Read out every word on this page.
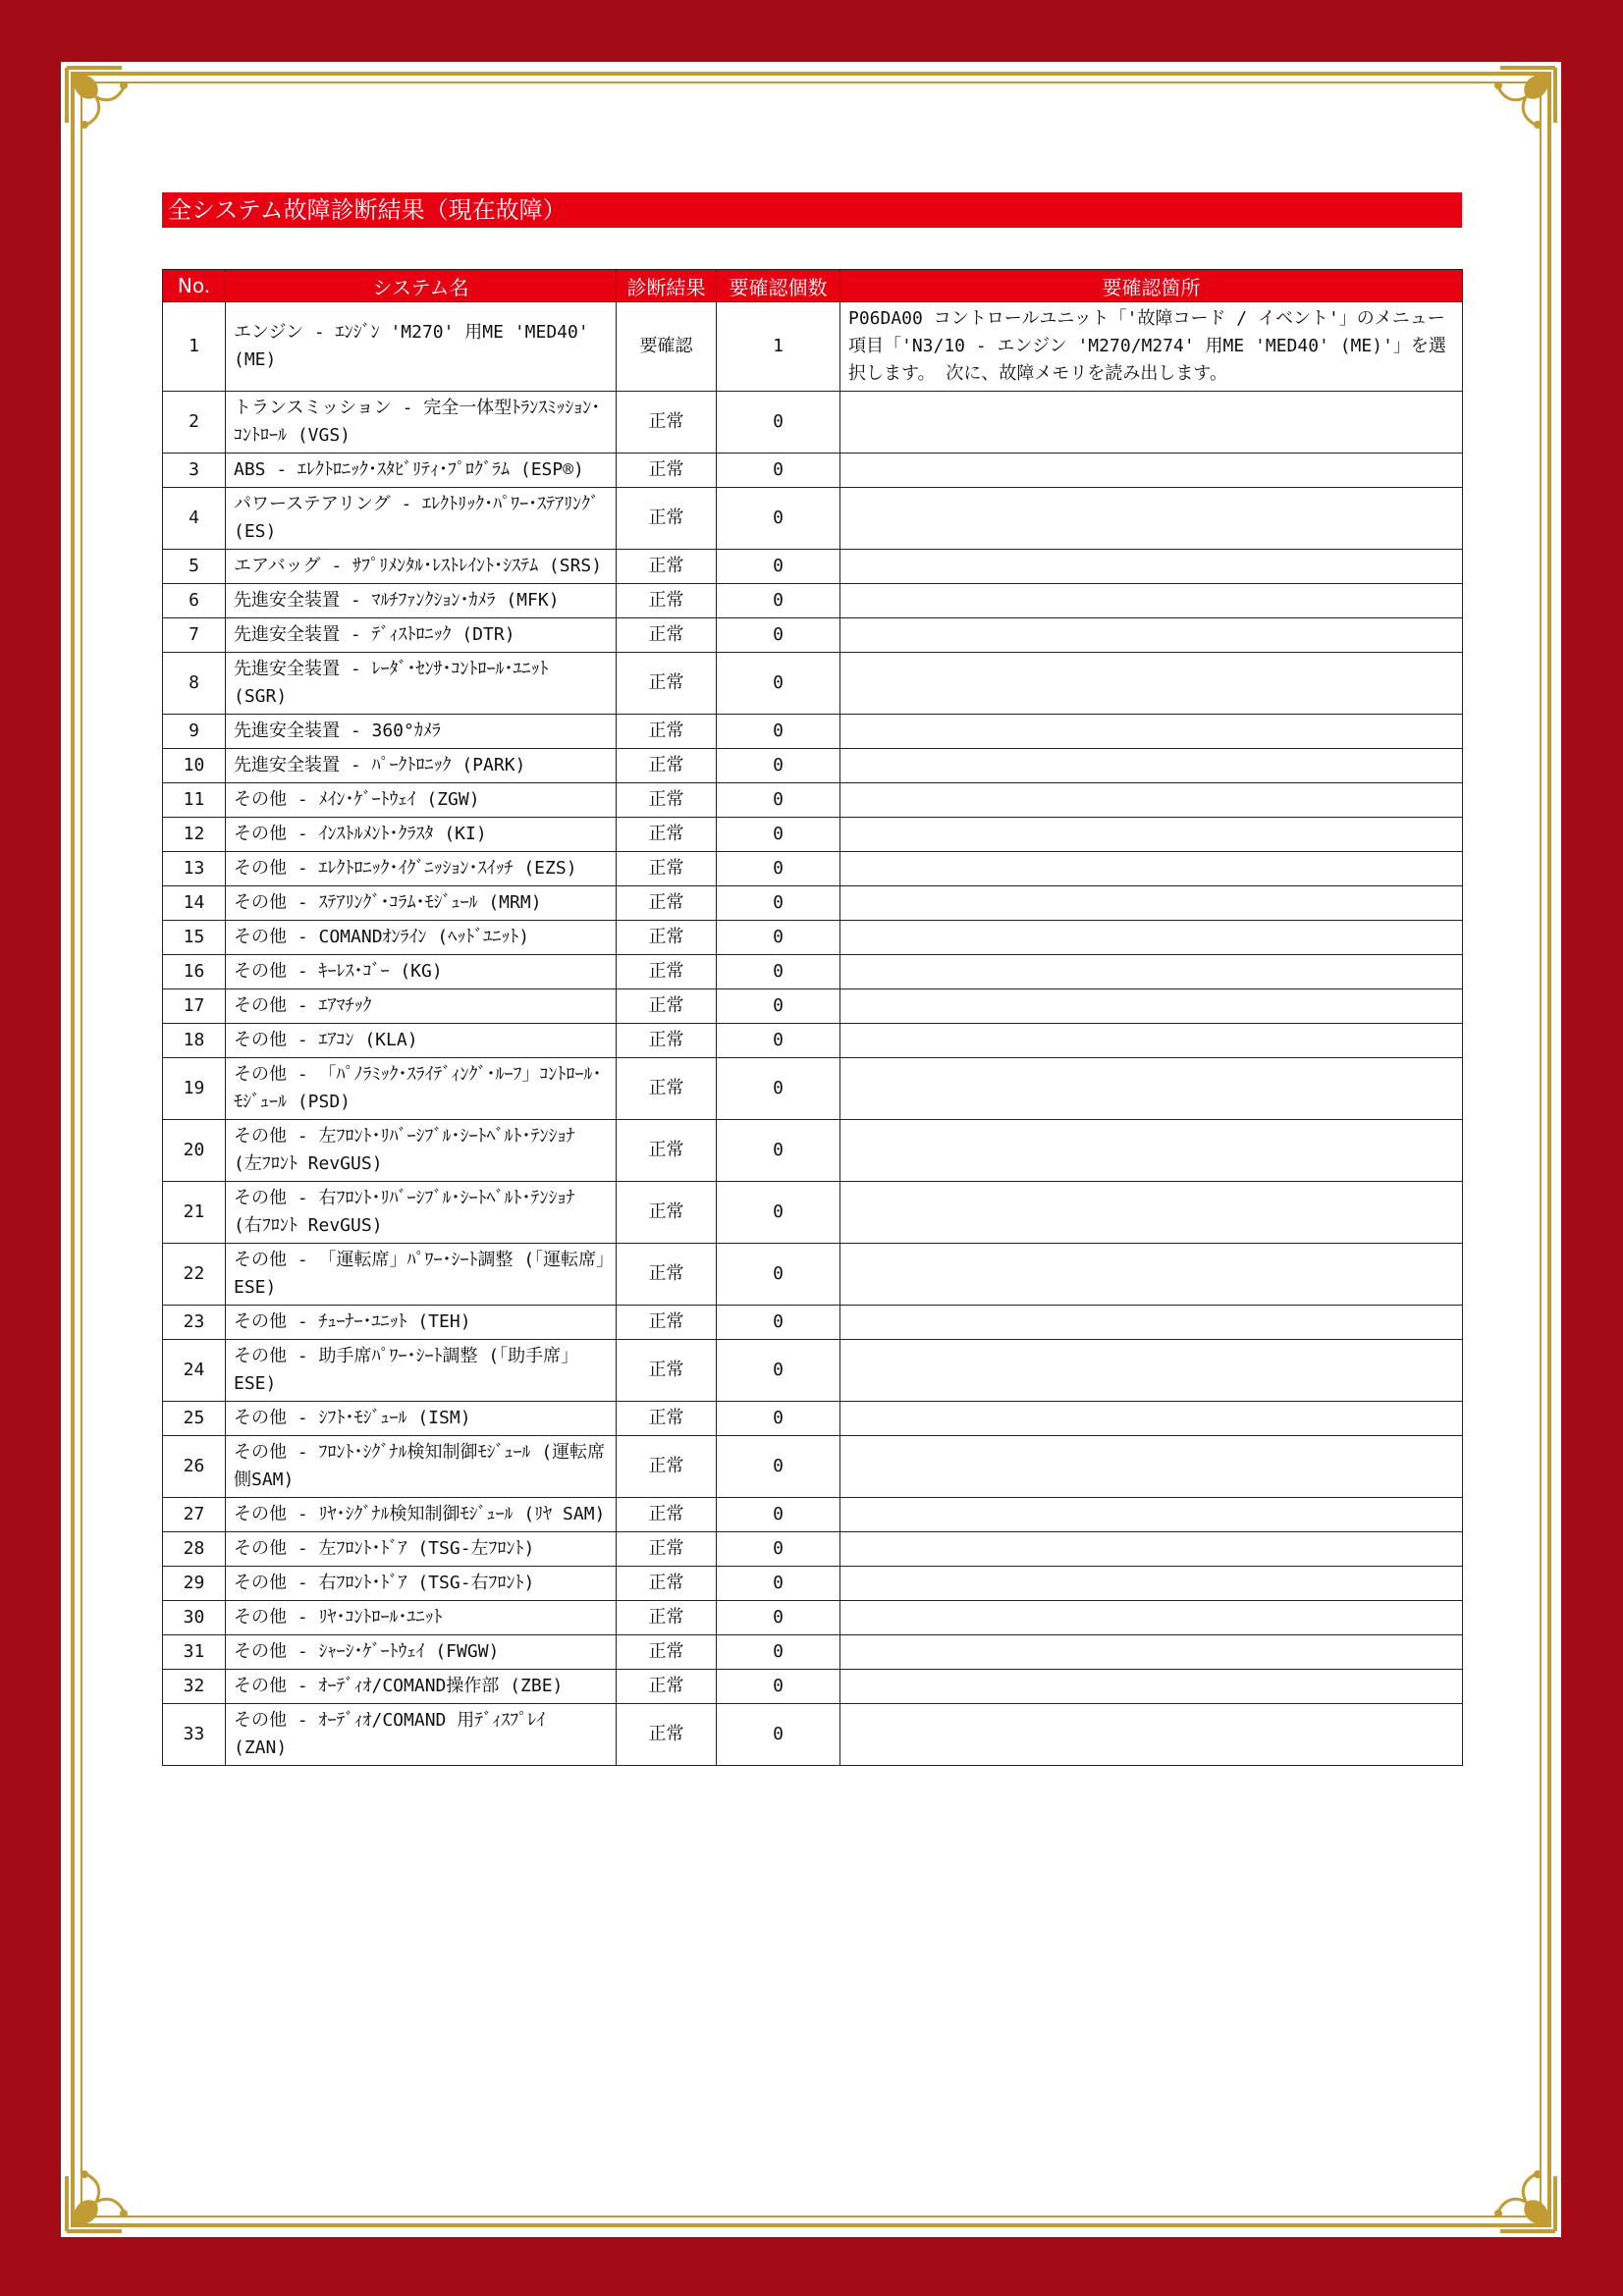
全システム故障診断結果（現在故障）
No.	システム名	診断結果	要確認個数	要確認箇所
1	エンジン - ｴﾝｼﾞﾝ 'M270' 用ME 'MED40' (ME)	要確認	1	P06DA00 コントロールユニット「'故障コード / イベント'」のメニュー項目「'N3/10 - エンジン 'M270/M274' 用ME 'MED40' (ME)'」を選択します。 次に、故障メモリを読み出します。
2	トランスミッション - 完全一体型ﾄﾗﾝｽﾐｯｼｮﾝ･ｺﾝﾄﾛｰﾙ (VGS)	正常	0	
3	ABS - ｴﾚｸﾄﾛﾆｯｸ･ｽﾀﾋﾞﾘﾃｨ･ﾌﾟﾛｸﾞﾗﾑ (ESP®)	正常	0	
4	パワーステアリング - ｴﾚｸﾄﾘｯｸ･ﾊﾟﾜｰ･ｽﾃｱﾘﾝｸﾞ (ES)	正常	0	
5	エアバッグ - ｻﾌﾟﾘﾒﾝﾀﾙ･ﾚｽﾄﾚｲﾝﾄ･ｼｽﾃﾑ (SRS)	正常	0	
6	先進安全装置 - ﾏﾙﾁﾌｧﾝｸｼｮﾝ･ｶﾒﾗ (MFK)	正常	0	
7	先進安全装置 - ﾃﾞｨｽﾄﾛﾆｯｸ (DTR)	正常	0	
8	先進安全装置 - ﾚｰﾀﾞ･ｾﾝｻ･ｺﾝﾄﾛｰﾙ･ﾕﾆｯﾄ (SGR)	正常	0	
9	先進安全装置 - 360°ｶﾒﾗ	正常	0	
10	先進安全装置 - ﾊﾟｰｸﾄﾛﾆｯｸ (PARK)	正常	0	
11	その他 - ﾒｲﾝ･ｹﾞｰﾄｳｪｲ (ZGW)	正常	0	
12	その他 - ｲﾝｽﾄﾙﾒﾝﾄ･ｸﾗｽﾀ (KI)	正常	0	
13	その他 - ｴﾚｸﾄﾛﾆｯｸ･ｲｸﾞﾆｯｼｮﾝ･ｽｲｯﾁ (EZS)	正常	0	
14	その他 - ｽﾃｱﾘﾝｸﾞ･ｺﾗﾑ･ﾓｼﾞｭｰﾙ (MRM)	正常	0	
15	その他 - COMANDｵﾝﾗｲﾝ (ﾍｯﾄﾞﾕﾆｯﾄ)	正常	0	
16	その他 - ｷｰﾚｽ･ｺﾞｰ (KG)	正常	0	
17	その他 - ｴｱﾏﾁｯｸ	正常	0	
18	その他 - ｴｱｺﾝ (KLA)	正常	0	
19	その他 - 「ﾊﾟﾉﾗﾐｯｸ･ｽﾗｲﾃﾞｨﾝｸﾞ･ﾙｰﾌ」ｺﾝﾄﾛｰﾙ･ﾓｼﾞｭｰﾙ (PSD)	正常	0	
20	その他 - 左ﾌﾛﾝﾄ･ﾘﾊﾞｰｼﾌﾞﾙ･ｼｰﾄﾍﾞﾙﾄ･ﾃﾝｼｮﾅ (左ﾌﾛﾝﾄ RevGUS)	正常	0	
21	その他 - 右ﾌﾛﾝﾄ･ﾘﾊﾞｰｼﾌﾞﾙ･ｼｰﾄﾍﾞﾙﾄ･ﾃﾝｼｮﾅ (右ﾌﾛﾝﾄ RevGUS)	正常	0	
22	その他 - 「運転席」ﾊﾟﾜｰ･ｼｰﾄ調整 (「運転席」ESE)	正常	0	
23	その他 - ﾁｭｰﾅｰ･ﾕﾆｯﾄ (TEH)	正常	0	
24	その他 - 助手席ﾊﾟﾜｰ･ｼｰﾄ調整 (「助手席」ESE)	正常	0	
25	その他 - ｼﾌﾄ･ﾓｼﾞｭｰﾙ (ISM)	正常	0	
26	その他 - ﾌﾛﾝﾄ･ｼｸﾞﾅﾙ検知制御ﾓｼﾞｭｰﾙ (運転席側SAM)	正常	0	
27	その他 - ﾘﾔ･ｼｸﾞﾅﾙ検知制御ﾓｼﾞｭｰﾙ (ﾘﾔ SAM)	正常	0	
28	その他 - 左ﾌﾛﾝﾄ･ﾄﾞｱ (TSG-左ﾌﾛﾝﾄ)	正常	0	
29	その他 - 右ﾌﾛﾝﾄ･ﾄﾞｱ (TSG-右ﾌﾛﾝﾄ)	正常	0	
30	その他 - ﾘﾔ･ｺﾝﾄﾛｰﾙ･ﾕﾆｯﾄ	正常	0	
31	その他 - ｼｬｰｼ･ｹﾞｰﾄｳｪｲ (FWGW)	正常	0	
32	その他 - ｵｰﾃﾞｨｵ/COMAND操作部 (ZBE)	正常	0	
33	その他 - ｵｰﾃﾞｨｵ/COMAND 用ﾃﾞｨｽﾌﾟﾚｲ (ZAN)	正常	0	
